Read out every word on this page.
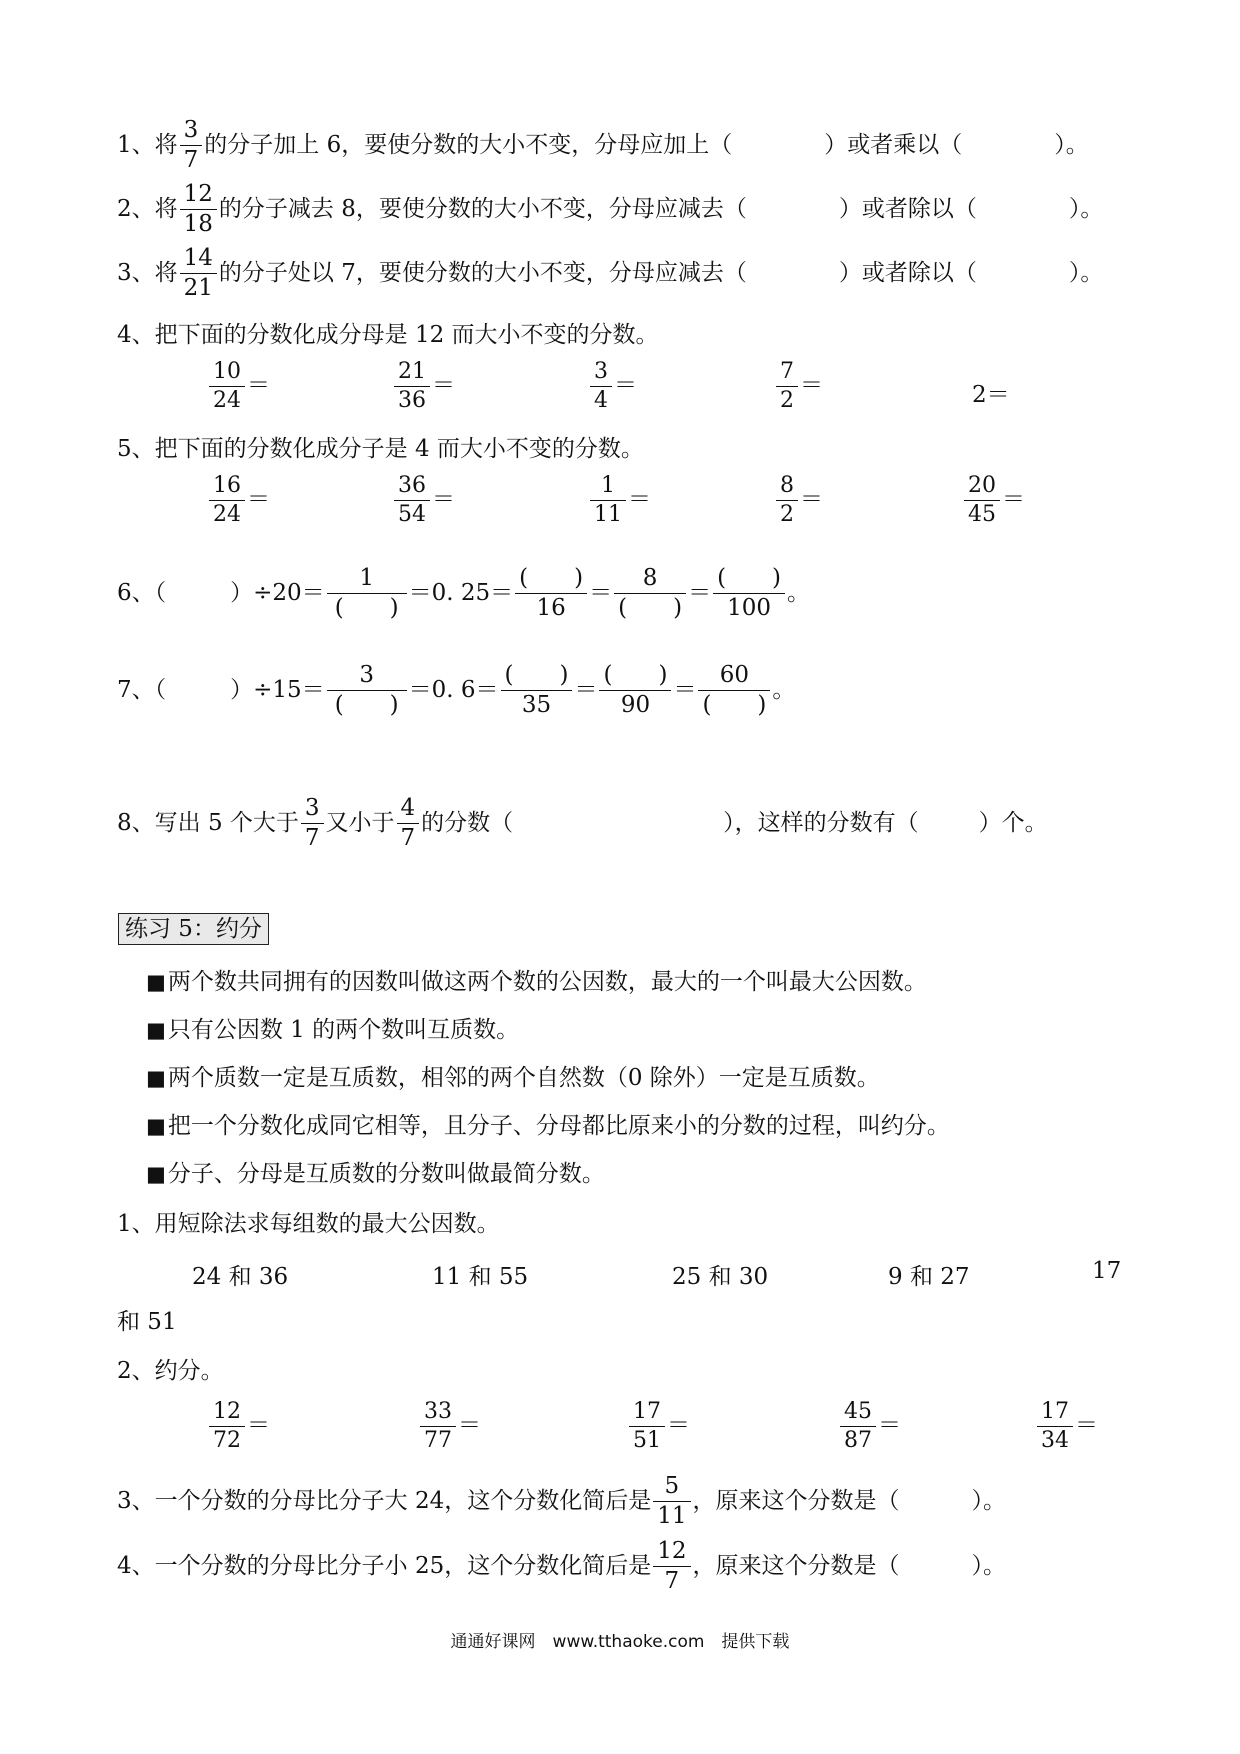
1、将 $\frac{3}{7}$ 的分子加上 6，要使分数的大小不变，分母应加上（	）或者乘以（	）。
2、将 $\frac{12}{18}$ 的分子减去 8，要使分数的大小不变，分母应减去（	）或者除以（	）。
3、将 $\frac{14}{21}$ 的分子处以 7，要使分数的大小不变，分母应减去（	）或者除以（	）。
4、把下面的分数化成分母是 12 而大小不变的分数。
$\frac{10}{24}$ ＝	$\frac{21}{36}$ ＝	$\frac{3}{4}$ ＝	$\frac{7}{2}$ ＝	2＝
5、把下面的分数化成分子是 4 而大小不变的分数。
$\frac{16}{24}$ ＝	$\frac{36}{54}$ ＝	$\frac{1}{11}$ ＝	$\frac{8}{2}$ ＝	$\frac{20}{45}$ ＝
6、（	）$\div 20= \frac{1}{( )} =0$. $25= \frac{( )}{16} = \frac{8}{( )} = \frac{( )}{100}$ 。
7、（	）$\div 15= \frac{3}{( )} =0$. $6= \frac{( )}{35} = \frac{( )}{90} = \frac{60}{( )}$ 。
8、写出 5 个大于 $\frac{3}{7}$ 又小于 $\frac{4}{7}$ 的分数（	），这样的分数有（	）个。
练习 5：约分
■ 两个数共同拥有的因数叫做这两个数的公因数，最大的一个叫最大公因数。
■ 只有公因数 1 的两个数叫互质数。
■ 两个质数一定是互质数，相邻的两个自然数（0 除外）一定是互质数。
■ 把一个分数化成同它相等，且分子、分母都比原来小的分数的过程，叫约分。
■ 分子、分母是互质数的分数叫做最简分数。
1、用短除法求每组数的最大公因数。
24 和 36	11 和 55	25 和 30	9 和 27	17
和 51
2、约分。
$\frac{12}{72}$ ＝	$\frac{33}{77}$ ＝	$\frac{17}{51}$ ＝	$\frac{45}{87}$ ＝	$\frac{17}{34}$ ＝
3、一个分数的分母比分子大 24，这个分数化简后是 $\frac{5}{11}$ ，原来这个分数是（	）。
4、一个分数的分母比分子小 25，这个分数化简后是 $\frac{12}{7}$ ，原来这个分数是（	）。
通通好课网　www.tthaoke.com　提供下载
